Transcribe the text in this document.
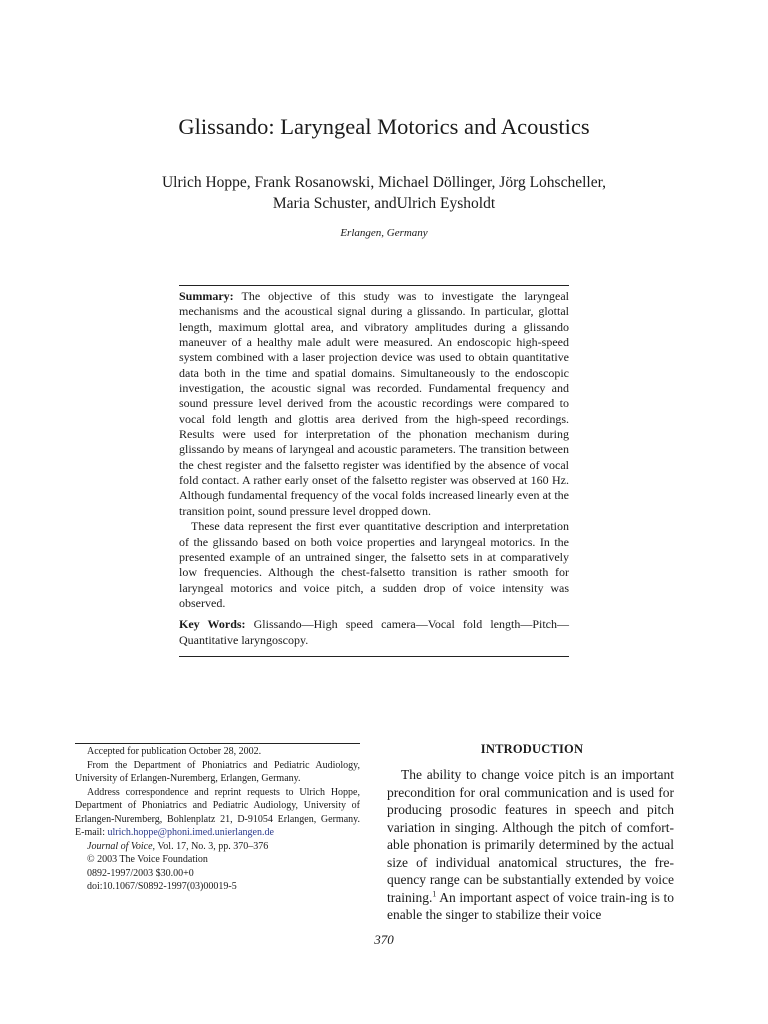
Glissando: Laryngeal Motorics and Acoustics
Ulrich Hoppe, Frank Rosanowski, Michael Döllinger, Jörg Lohscheller,
Maria Schuster, andUlrich Eysholdt
Erlangen, Germany

Summary: The objective of this study was to investigate the laryngeal mechanisms and the acoustical signal during a glissando. In particular, glottal length, maximum glottal area, and vibratory amplitudes during a glissando maneuver of a healthy male adult were measured. An endoscopic high-speed system combined with a laser projection device was used to obtain quantitative data both in the time and spatial domains. Simultaneously to the endoscopic investigation, the acoustic signal was recorded. Fundamental frequency and sound pressure level derived from the acoustic recordings were compared to vocal fold length and glottis area derived from the high-speed recordings. Results were used for interpretation of the phonation mechanism during glissando by means of laryngeal and acoustic parameters. The transition between the chest register and the falsetto register was identified by the absence of vocal fold contact. A rather early onset of the falsetto register was observed at 160 Hz. Although fundamental frequency of the vocal folds increased linearly even at the transition point, sound pressure level dropped down.

These data represent the first ever quantitative description and interpretation of the glissando based on both voice properties and laryngeal motorics. In the presented example of an untrained singer, the falsetto sets in at comparatively low frequencies. Although the chest-falsetto transition is rather smooth for laryngeal motorics and voice pitch, a sudden drop of voice intensity was observed.

Key Words: Glissando—High speed camera—Vocal fold length—Pitch—Quantitative laryngoscopy.

Accepted for publication October 28, 2002.
From the Department of Phoniatrics and Pediatric Audiology, University of Erlangen-Nuremberg, Erlangen, Germany.
Address correspondence and reprint requests to Ulrich Hoppe, Department of Phoniatrics and Pediatric Audiology, University of Erlangen-Nuremberg, Bohlenplatz 21, D-91054 Erlangen, Germany. E-mail: ulrich.hoppe@phoni.imed.unierlangen.de
Journal of Voice, Vol. 17, No. 3, pp. 370–376
© 2003 The Voice Foundation
0892-1997/2003 $30.00+0
doi:10.1067/S0892-1997(03)00019-5
INTRODUCTION

The ability to change voice pitch is an important precondition for oral communication and is used for producing prosodic features in speech and pitch variation in singing. Although the pitch of comfort-able phonation is primarily determined by the actual size of individual anatomical structures, the fre-quency range can be substantially extended by voice training.$^1$ An important aspect of voice train-ing is to enable the singer to stabilize their voice

370
